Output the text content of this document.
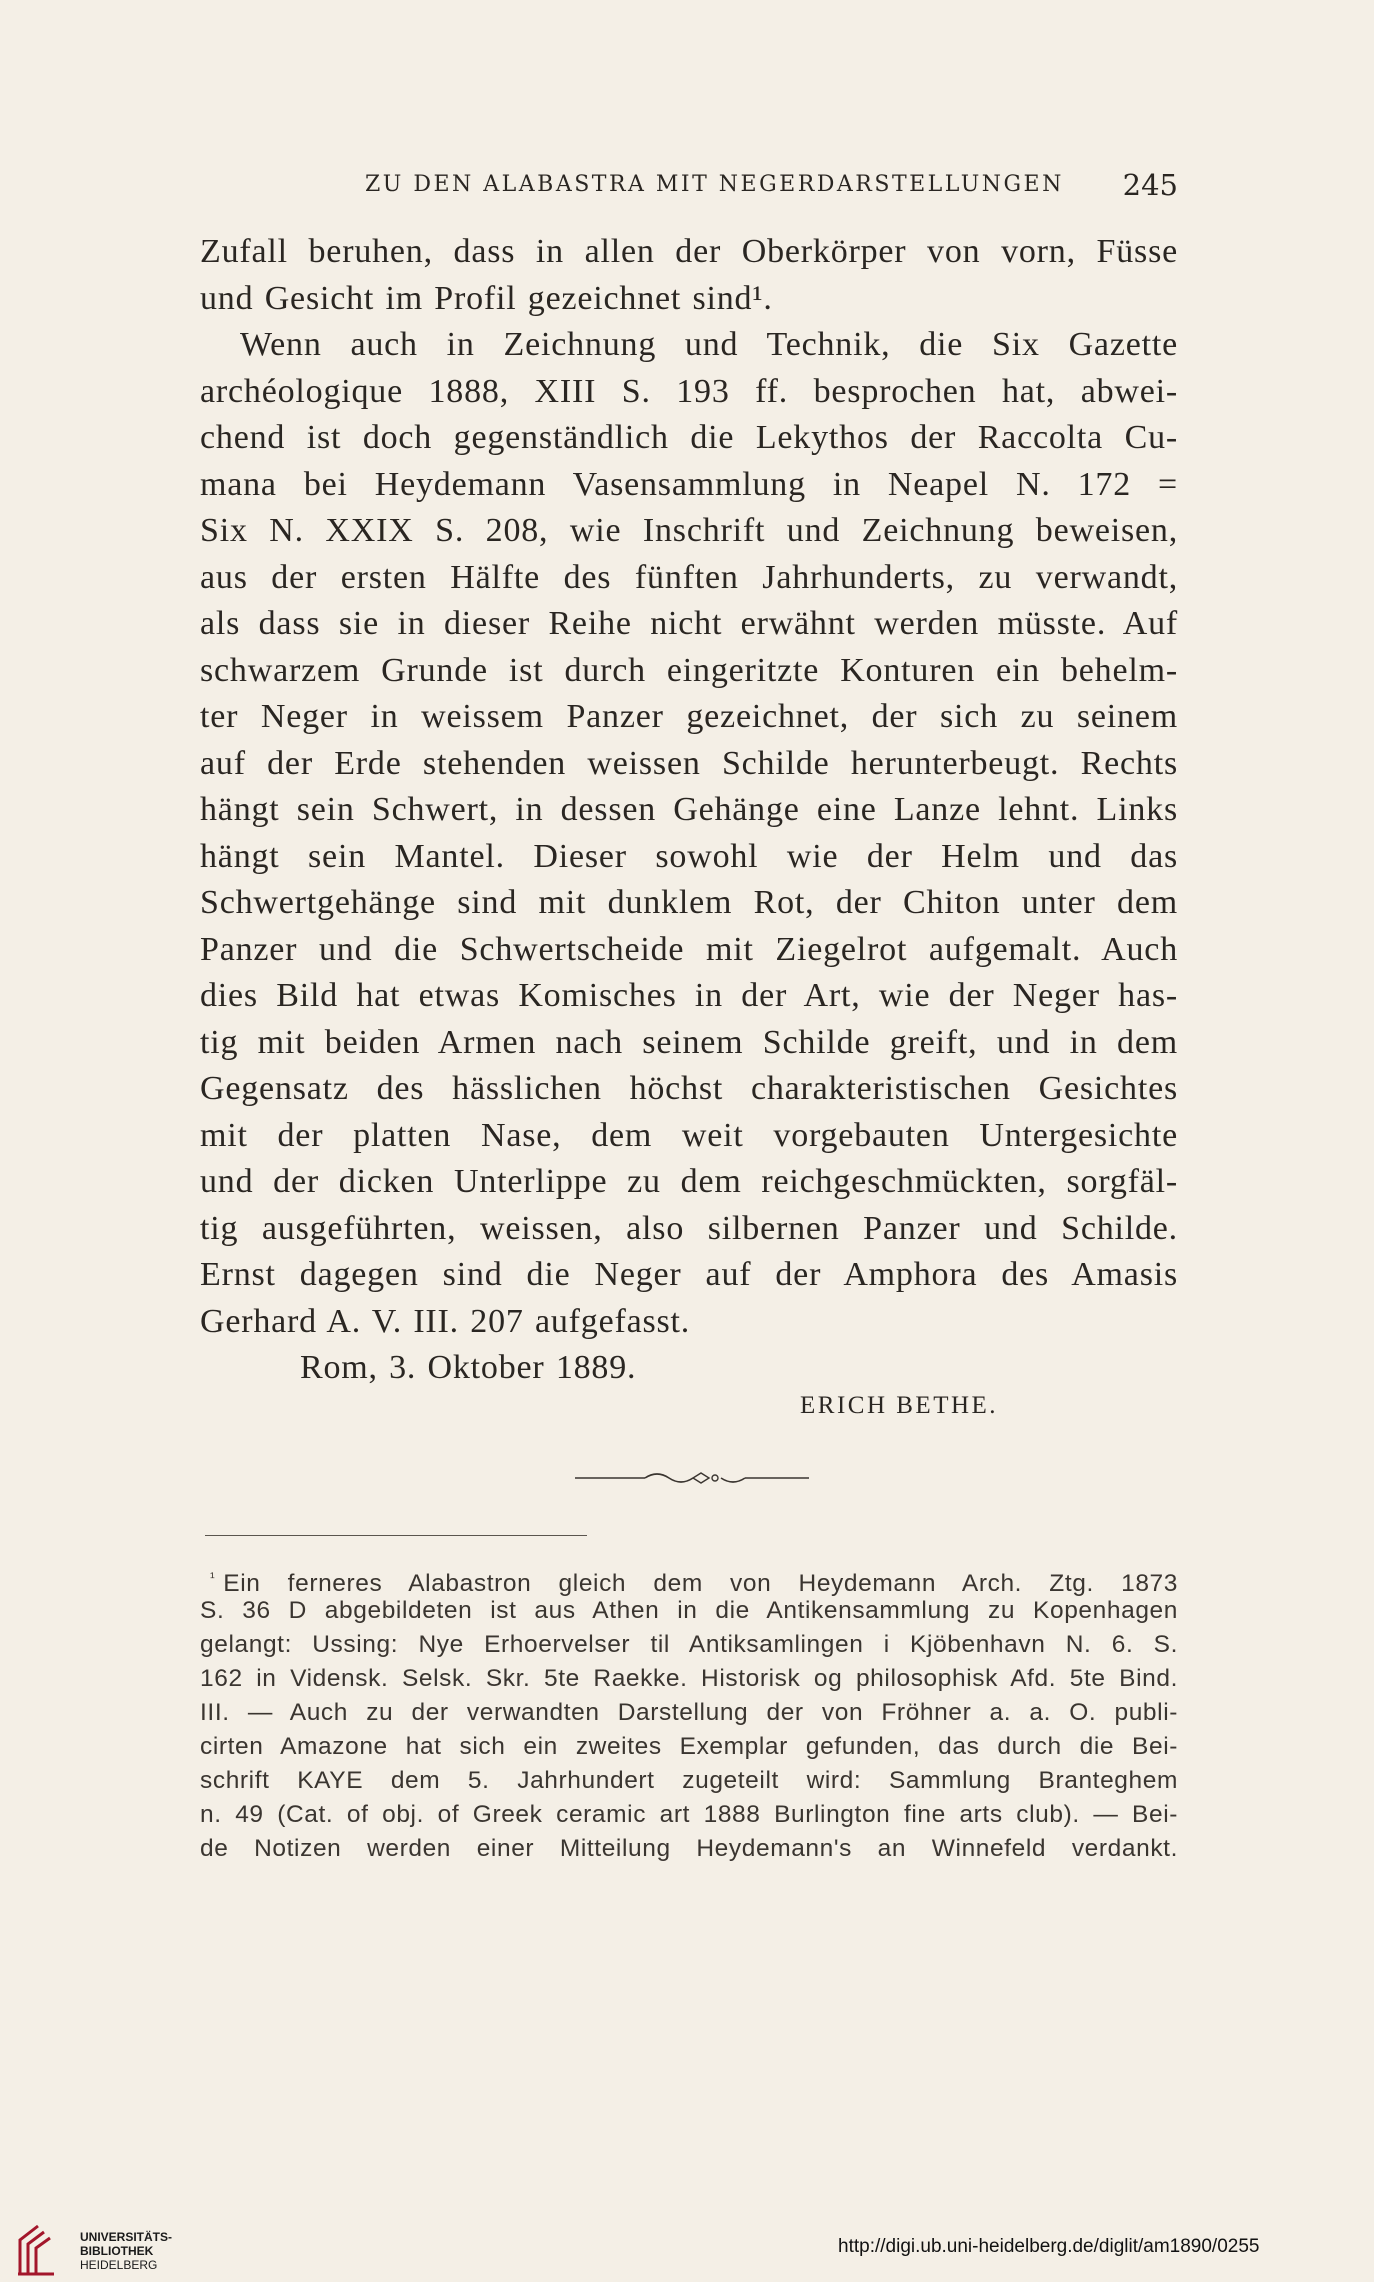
ZU DEN ALABASTRA MIT NEGERDARSTELLUNGEN 245
Zufall beruhen, dass in allen der Oberkörper von vorn, Füsse
und Gesicht im Profil gezeichnet sind¹.
Wenn auch in Zeichnung und Technik, die Six Gazette
archéologique 1888, XIII S. 193 ff. besprochen hat, abwei-
chend ist doch gegenständlich die Lekythos der Raccolta Cu-
mana bei Heydemann Vasensammlung in Neapel N. 172 =
Six N. XXIX S. 208, wie Inschrift und Zeichnung beweisen,
aus der ersten Hälfte des fünften Jahrhunderts, zu verwandt,
als dass sie in dieser Reihe nicht erwähnt werden müsste. Auf
schwarzem Grunde ist durch eingeritzte Konturen ein behelm-
ter Neger in weissem Panzer gezeichnet, der sich zu seinem
auf der Erde stehenden weissen Schilde herunterbeugt. Rechts
hängt sein Schwert, in dessen Gehänge eine Lanze lehnt. Links
hängt sein Mantel. Dieser sowohl wie der Helm und das
Schwertgehänge sind mit dunklem Rot, der Chiton unter dem
Panzer und die Schwertscheide mit Ziegelrot aufgemalt. Auch
dies Bild hat etwas Komisches in der Art, wie der Neger has-
tig mit beiden Armen nach seinem Schilde greift, und in dem
Gegensatz des hässlichen höchst charakteristischen Gesichtes
mit der platten Nase, dem weit vorgebauten Untergesichte
und der dicken Unterlippe zu dem reichgeschmückten, sorgfäl-
tig ausgeführten, weissen, also silbernen Panzer und Schilde.
Ernst dagegen sind die Neger auf der Amphora des Amasis
Gerhard A. V. III. 207 aufgefasst.
Rom, 3. Oktober 1889.
ERICH BETHE.
$^{^1}$ Ein ferneres Alabastron gleich dem von Heydemann Arch. Ztg. 1873
S. 36 D abgebildeten ist aus Athen in die Antikensammlung zu Kopenhagen
gelangt: Ussing: Nye Erhoervelser til Antiksamlingen i Kjöbenhavn N. 6. S.
162 in Vidensk. Selsk. Skr. 5te Raekke. Historisk og philosophisk Afd. 5te Bind.
III. — Auch zu der verwandten Darstellung der von Fröhner a. a. O. publi-
cirten Amazone hat sich ein zweites Exemplar gefunden, das durch die Bei-
schrift ΚΑΥΕ dem 5. Jahrhundert zugeteilt wird: Sammlung Branteghem
n. 49 (Cat. of obj. of Greek ceramic art 1888 Burlington fine arts club). — Bei-
de Notizen werden einer Mitteilung Heydemann's an Winnefeld verdankt.
UNIVERSITÄTS-
BIBLIOTHEK
HEIDELBERG
http://digi.ub.uni-heidelberg.de/diglit/am1890/0255
